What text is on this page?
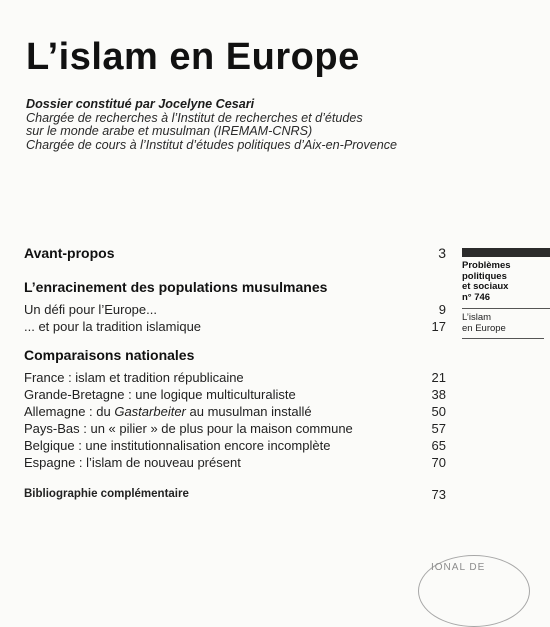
L’islam en Europe
Dossier constitué par Jocelyne Cesari
Chargée de recherches à l’Institut de recherches et d’études
sur le monde arabe et musulman (IREMAM-CNRS)
Chargée de cours à l’Institut d’études politiques d’Aix-en-Provence
Avant-propos	3
L’enracinement des populations musulmanes
Un défi pour l’Europe...	9
... et pour la tradition islamique	17
Comparaisons nationales
France : islam et tradition républicaine	21
Grande-Bretagne : une logique multiculturaliste	38
Allemagne : du Gastarbeiter au musulman installé	50
Pays-Bas : un « pilier » de plus pour la maison commune	57
Belgique : une institutionnalisation encore incomplète	65
Espagne : l’islam de nouveau présent	70
Bibliographie complémentaire	73
Problèmes
politiques
et sociaux
n° 746
L’islam
en Europe
IONAL DE
